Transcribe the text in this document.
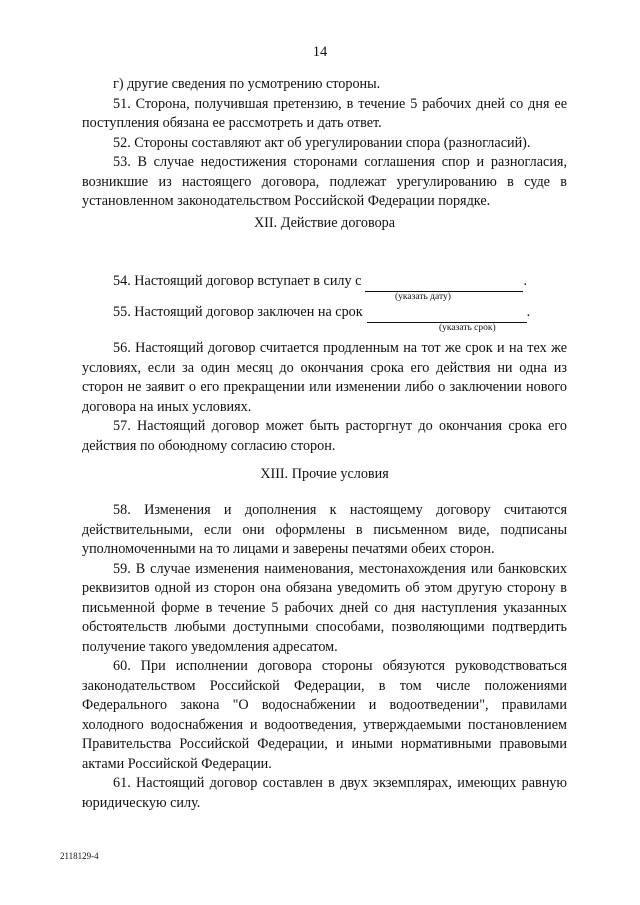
14

г) другие сведения по усмотрению стороны.

51. Сторона, получившая претензию, в течение 5 рабочих дней со дня ее поступления обязана ее рассмотреть и дать ответ.

52. Стороны составляют акт об урегулировании спора (разногласий).

53. В случае недостижения сторонами соглашения спор и разногласия, возникшие из настоящего договора, подлежат урегулированию в суде в установленном законодательством Российской Федерации порядке.

XII. Действие договора

54. Настоящий договор вступает в силу с	.
(указать дату)
55. Настоящий договор заключен на срок	.
(указать срок)

56. Настоящий договор считается продленным на тот же срок и на тех же условиях, если за один месяц до окончания срока его действия ни одна из сторон не заявит о его прекращении или изменении либо о заключении нового договора на иных условиях.

57. Настоящий договор может быть расторгнут до окончания срока его действия по обоюдному согласию сторон.

XIII. Прочие условия

58. Изменения и дополнения к настоящему договору считаются действительными, если они оформлены в письменном виде, подписаны уполномоченными на то лицами и заверены печатями обеих сторон.

59. В случае изменения наименования, местонахождения или банковских реквизитов одной из сторон она обязана уведомить об этом другую сторону в письменной форме в течение 5 рабочих дней со дня наступления указанных обстоятельств любыми доступными способами, позволяющими подтвердить получение такого уведомления адресатом.

60. При исполнении договора стороны обязуются руководствоваться законодательством Российской Федерации, в том числе положениями Федерального закона "О водоснабжении и водоотведении", правилами холодного водоснабжения и водоотведения, утверждаемыми постановлением Правительства Российской Федерации, и иными нормативными правовыми актами Российской Федерации.

61. Настоящий договор составлен в двух экземплярах, имеющих равную юридическую силу.

2118129-4
